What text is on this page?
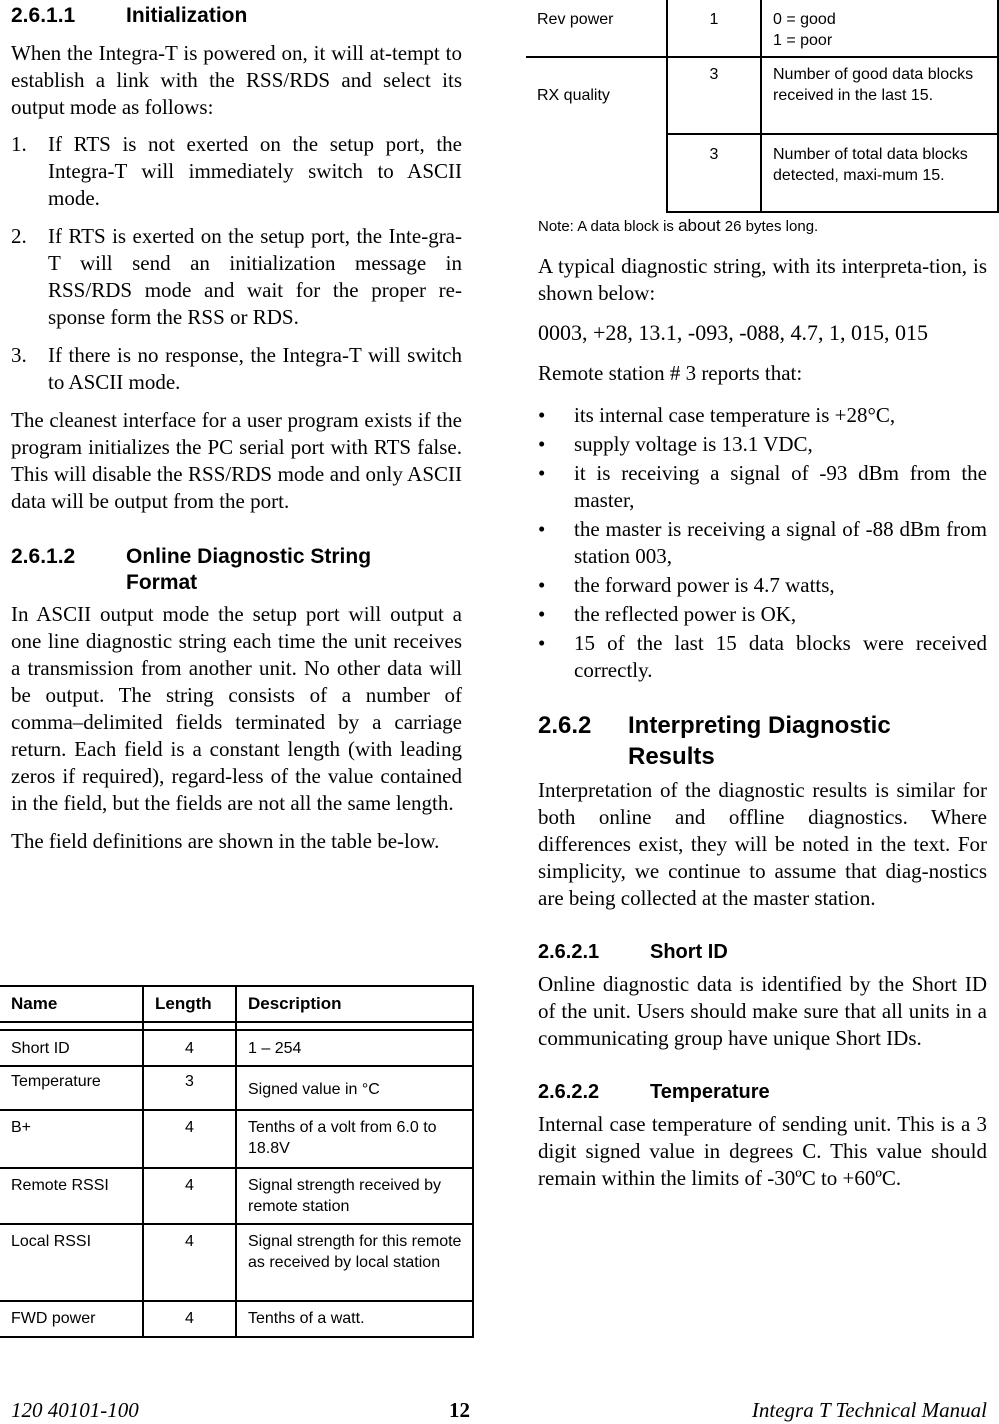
2.6.1.1	Initialization

When the Integra-T is powered on, it will at-tempt to establish a link with the RSS/RDS and select its output mode as follows:

1.	If RTS is not exerted on the setup port, the Integra-T will immediately switch to ASCII mode.
2.	If RTS is exerted on the setup port, the Inte-gra-T will send an initialization message in RSS/RDS mode and wait for the proper re-sponse form the RSS or RDS.
3.	If there is no response, the Integra-T will switch to ASCII mode.

The cleanest interface for a user program exists if the program initializes the PC serial port with RTS false. This will disable the RSS/RDS mode and only ASCII data will be output from the port.

2.6.1.2	Online Diagnostic String Format

In ASCII output mode the setup port will output a one line diagnostic string each time the unit receives a transmission from another unit. No other data will be output. The string consists of a number of comma–delimited fields terminated by a carriage return. Each field is a constant length (with leading zeros if required), regard-less of the value contained in the field, but the fields are not all the same length.

The field definitions are shown in the table be-low.

Name	Length	Description

Short ID	4	1 – 254
Temperature	3	Signed value in °C
B+	4	Tenths of a volt from 6.0 to 18.8V
Remote RSSI	4	Signal strength received by remote station
Local RSSI	4	Signal strength for this remote as received by local station
FWD power	4	Tenths of a watt.
Rev power	1	0 = good
1 = poor

RX quality	3	Number of good data blocks received in the last 15.
	3	Number of total data blocks detected, maxi-mum 15.
Note: A data block is about 26 bytes long.

A typical diagnostic string, with its interpreta-tion, is shown below:

0003, +28, 13.1, -093, -088, 4.7, 1, 015, 015

Remote station # 3 reports that:

•	its internal case temperature is +28°C,
•	supply voltage is 13.1 VDC,
•	it is receiving a signal of -93 dBm from the master,
•	the master is receiving a signal of -88 dBm from station 003,
•	the forward power is 4.7 watts,
•	the reflected power is OK,
•	15 of the last 15 data blocks were received correctly.
2.6.2	Interpreting Diagnostic Results

Interpretation of the diagnostic results is similar for both online and offline diagnostics. Where differences exist, they will be noted in the text. For simplicity, we continue to assume that diag-nostics are being collected at the master station.

2.6.2.1	Short ID

Online diagnostic data is identified by the Short ID of the unit. Users should make sure that all units in a communicating group have unique Short IDs.

2.6.2.2	Temperature

Internal case temperature of sending unit. This is a 3 digit signed value in degrees C. This value should remain within the limits of -30ºC to +60ºC.

120 40101-100	12	Integra T Technical Manual
